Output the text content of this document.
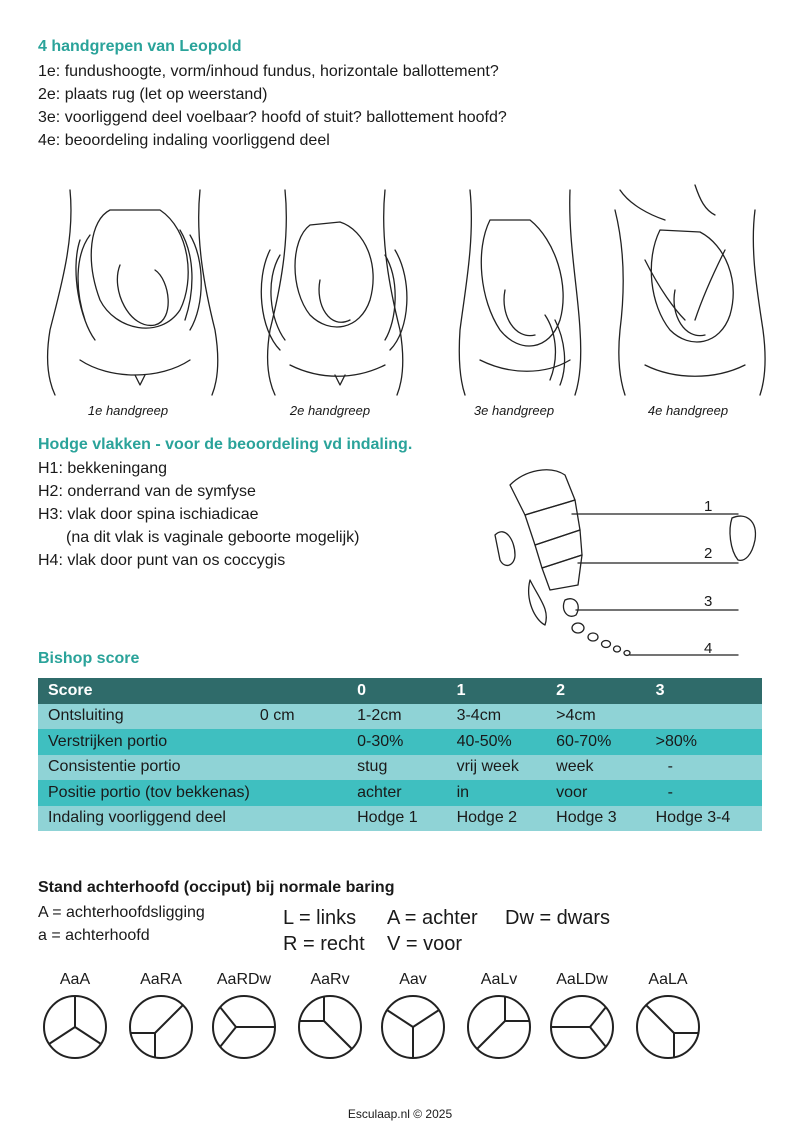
4 handgrepen van Leopold
1e: fundushoogte, vorm/inhoud fundus, horizontale ballottement?
2e: plaats rug (let op weerstand)
3e: voorliggend deel voelbaar? hoofd of stuit? ballottement hoofd?
4e: beoordeling indaling voorliggend deel
1e handgreep	2e handgreep	3e handgreep	4e handgreep
Hodge vlakken - voor de beoordeling vd indaling.
H1: bekkeningang
H2: onderrand van de symfyse
H3: vlak door spina ischiadicae
(na dit vlak is vaginale geboorte mogelijk)
H4: vlak door punt van os coccygis
1
2
3
4
Bishop score
Score		0	1	2	3
Ontsluiting	0 cm	1-2cm	3-4cm	>4cm	
Verstrijken portio		0-30%	40-50%	60-70%	>80%
Consistentie portio		stug	vrij week	week	-
Positie portio (tov bekkenas)		achter	in	voor	-
Indaling voorliggend deel		Hodge 1	Hodge 2	Hodge 3	Hodge 3-4
Stand achterhoofd (occiput) bij normale baring
A = achterhoofdsligging
a = achterhoofd
L = links A = achter Dw = dwars
R = recht V = voor
AaA	AaRA	AaRDw	AaRv	Aav	AaLv	AaLDw	AaLA
Esculaap.nl © 2025
